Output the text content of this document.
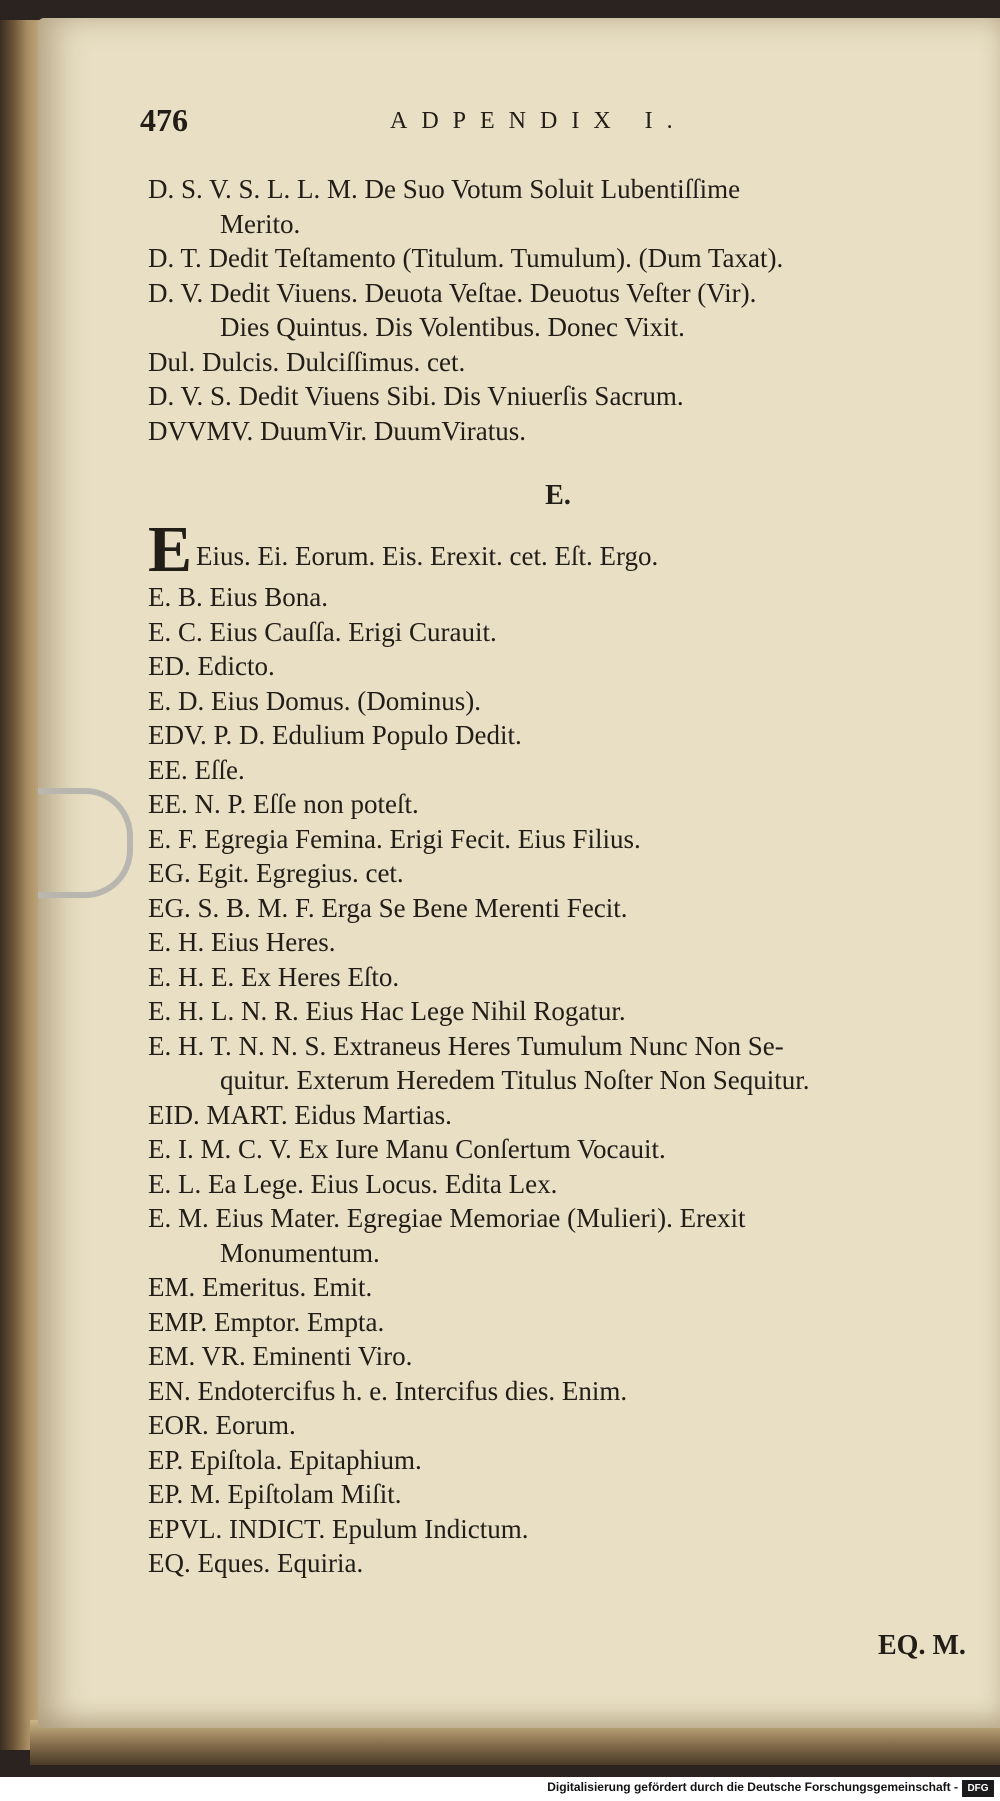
476	ADPENDIX I.
D. S. V. S. L. L. M. De Suo Votum Soluit Lubentiſſime
Merito.
D. T. Dedit Teſtamento (Titulum. Tumulum). (Dum Taxat).
D. V. Dedit Viuens. Deuota Veſtae. Deuotus Veſter (Vir).
Dies Quintus. Dis Volentibus. Donec Vixit.
Dul. Dulcis. Dulciſſimus. cet.
D. V. S. Dedit Viuens Sibi. Dis Vniuerſis Sacrum.
DVVMV. DuumVir. DuumViratus.
E.
E Eius. Ei. Eorum. Eis. Erexit. cet. Eſt. Ergo.
E. B. Eius Bona.
E. C. Eius Cauſſa. Erigi Curauit.
ED. Edicto.
E. D. Eius Domus. (Dominus).
EDV. P. D. Edulium Populo Dedit.
EE. Eſſe.
EE. N. P. Eſſe non poteſt.
E. F. Egregia Femina. Erigi Fecit. Eius Filius.
EG. Egit. Egregius. cet.
EG. S. B. M. F. Erga Se Bene Merenti Fecit.
E. H. Eius Heres.
E. H. E. Ex Heres Eſto.
E. H. L. N. R. Eius Hac Lege Nihil Rogatur.
E. H. T. N. N. S. Extraneus Heres Tumulum Nunc Non Se-
quitur. Exterum Heredem Titulus Noſter Non Sequitur.
EID. MART. Eidus Martias.
E. I. M. C. V. Ex Iure Manu Conſertum Vocauit.
E. L. Ea Lege. Eius Locus. Edita Lex.
E. M. Eius Mater. Egregiae Memoriae (Mulieri). Erexit
Monumentum.
EM. Emeritus. Emit.
EMP. Emptor. Empta.
EM. VR. Eminenti Viro.
EN. Endotercifus h. e. Intercifus dies. Enim.
EOR. Eorum.
EP. Epiſtola. Epitaphium.
EP. M. Epiſtolam Miſit.
EPVL. INDICT. Epulum Indictum.
EQ. Eques. Equiria.
EQ. M.
Digitalisierung gefördert durch die Deutsche Forschungsgemeinschaft - DFG
